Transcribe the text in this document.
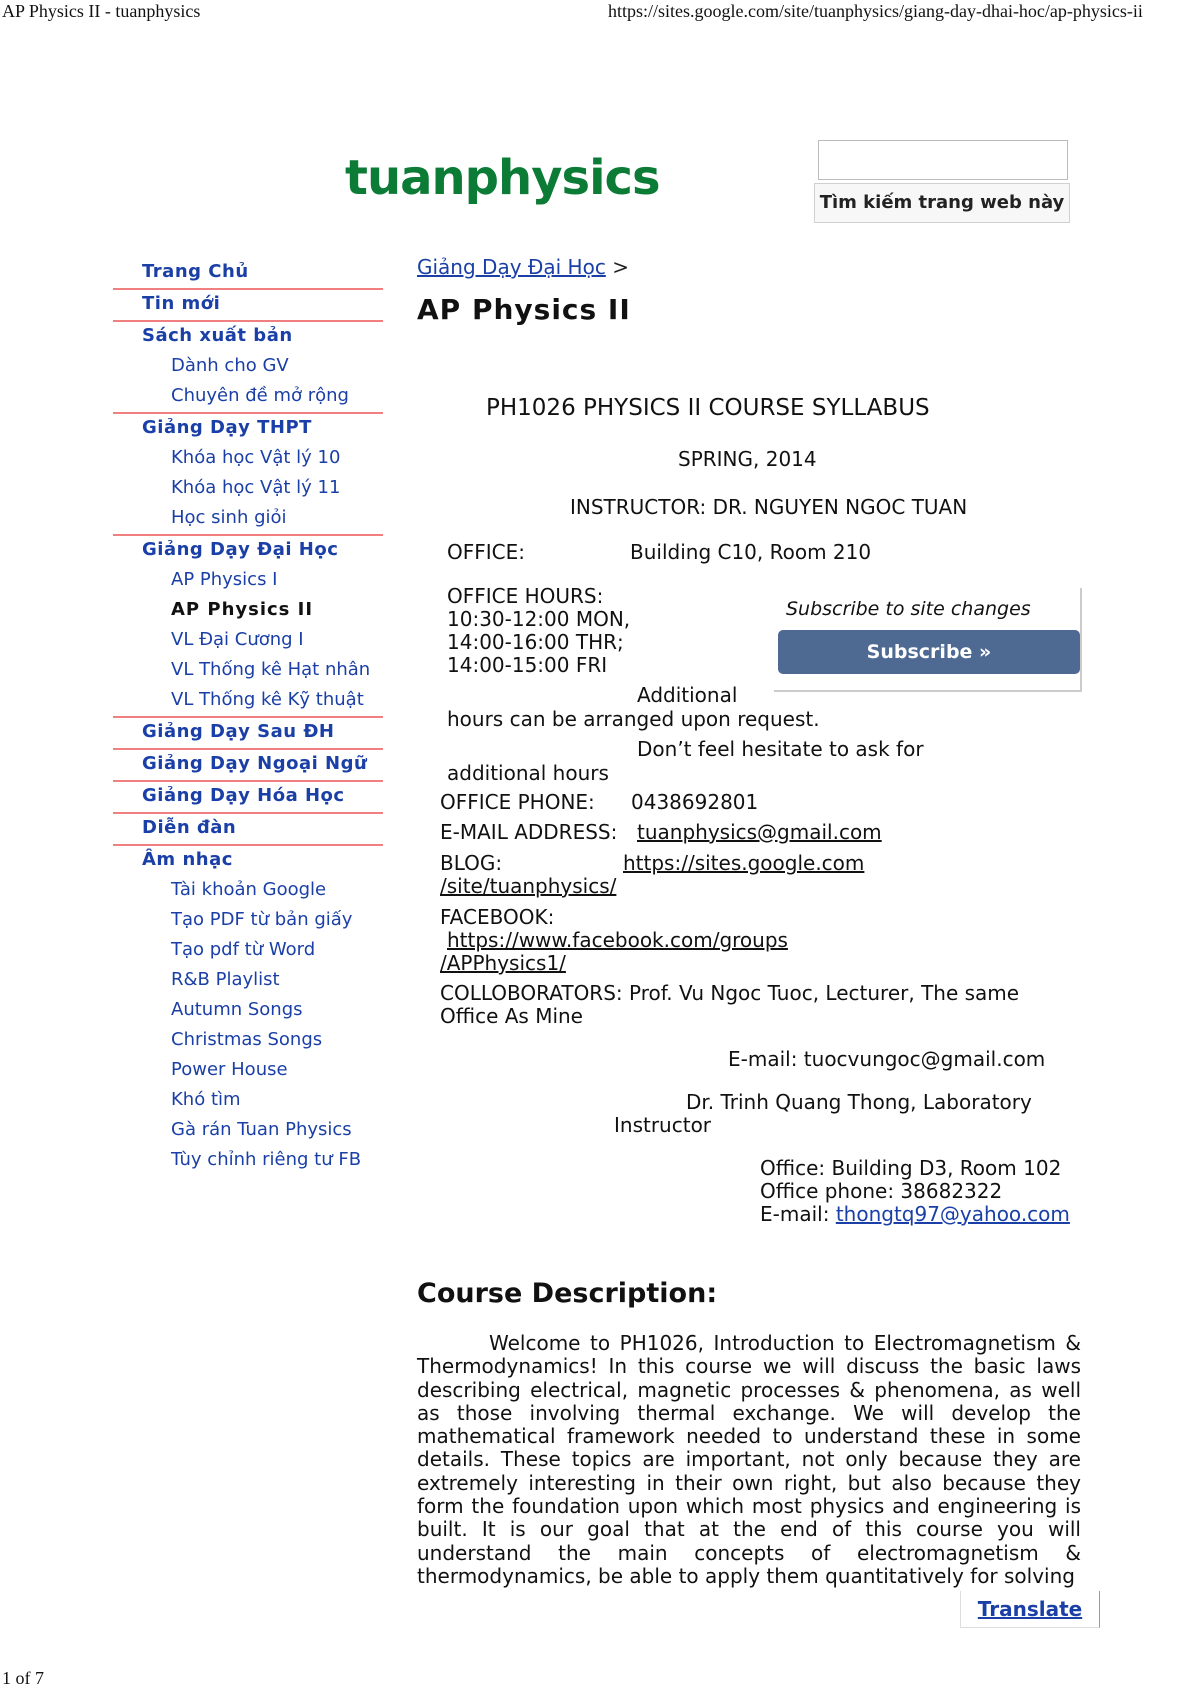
AP Physics II - tuanphysics	https://sites.google.com/site/tuanphysics/giang-day-dhai-hoc/ap-physics-ii
tuanphysics	Tìm kiếm trang web này
Trang Chủ
Tin mới
Sách xuất bản
Dành cho GV
Chuyên đề mở rộng
Giảng Dạy THPT
Khóa học Vật lý 10
Khóa học Vật lý 11
Học sinh giỏi
Giảng Dạy Đại Học
AP Physics I
AP Physics II
VL Đại Cương I
VL Thống kê Hạt nhân
VL Thống kê Kỹ thuật
Giảng Dạy Sau ĐH
Giảng Dạy Ngoại Ngữ
Giảng Dạy Hóa Học
Diễn đàn
Âm nhạc
Tài khoản Google
Tạo PDF từ bản giấy
Tạo pdf từ Word
R&B Playlist
Autumn Songs
Christmas Songs
Power House
Khó tìm
Gà rán Tuan Physics
Tùy chỉnh riêng tư FB
Giảng Dạy Đại Học >
AP Physics II
PH1026 PHYSICS II COURSE SYLLABUS
SPRING, 2014
INSTRUCTOR: DR. NGUYEN NGOC TUAN
OFFICE:	Building C10, Room 210
OFFICE HOURS:
10:30-12:00 MON,
14:00-16:00 THR;
14:00-15:00 FRI
Subscribe to site changes
Subscribe »
Additional
hours can be arranged upon request.
Don’t feel hesitate to ask for
additional hours
OFFICE PHONE: 0438692801
E-MAIL ADDRESS: tuanphysics@gmail.com
BLOG:	https://sites.google.com
/site/tuanphysics/
FACEBOOK:
https://www.facebook.com/groups
/APPhysics1/
COLLOBORATORS: Prof. Vu Ngoc Tuoc, Lecturer, The same
Office As Mine
E-mail: tuocvungoc@gmail.com
Dr. Trinh Quang Thong, Laboratory
Instructor
Office: Building D3, Room 102
Office phone: 38682322
E-mail: thongtq97@yahoo.com
Course Description:
Welcome to PH1026, Introduction to Electromagnetism & Thermodynamics! In this course we will discuss the basic laws describing electrical, magnetic processes & phenomena, as well as those involving thermal exchange. We will develop the mathematical framework needed to understand these in some details. These topics are important, not only because they are extremely interesting in their own right, but also because they form the foundation upon which most physics and engineering is built. It is our goal that at the end of this course you will understand the main concepts of electromagnetism & thermodynamics, be able to apply them quantitatively for solving
Translate
1 of 7
